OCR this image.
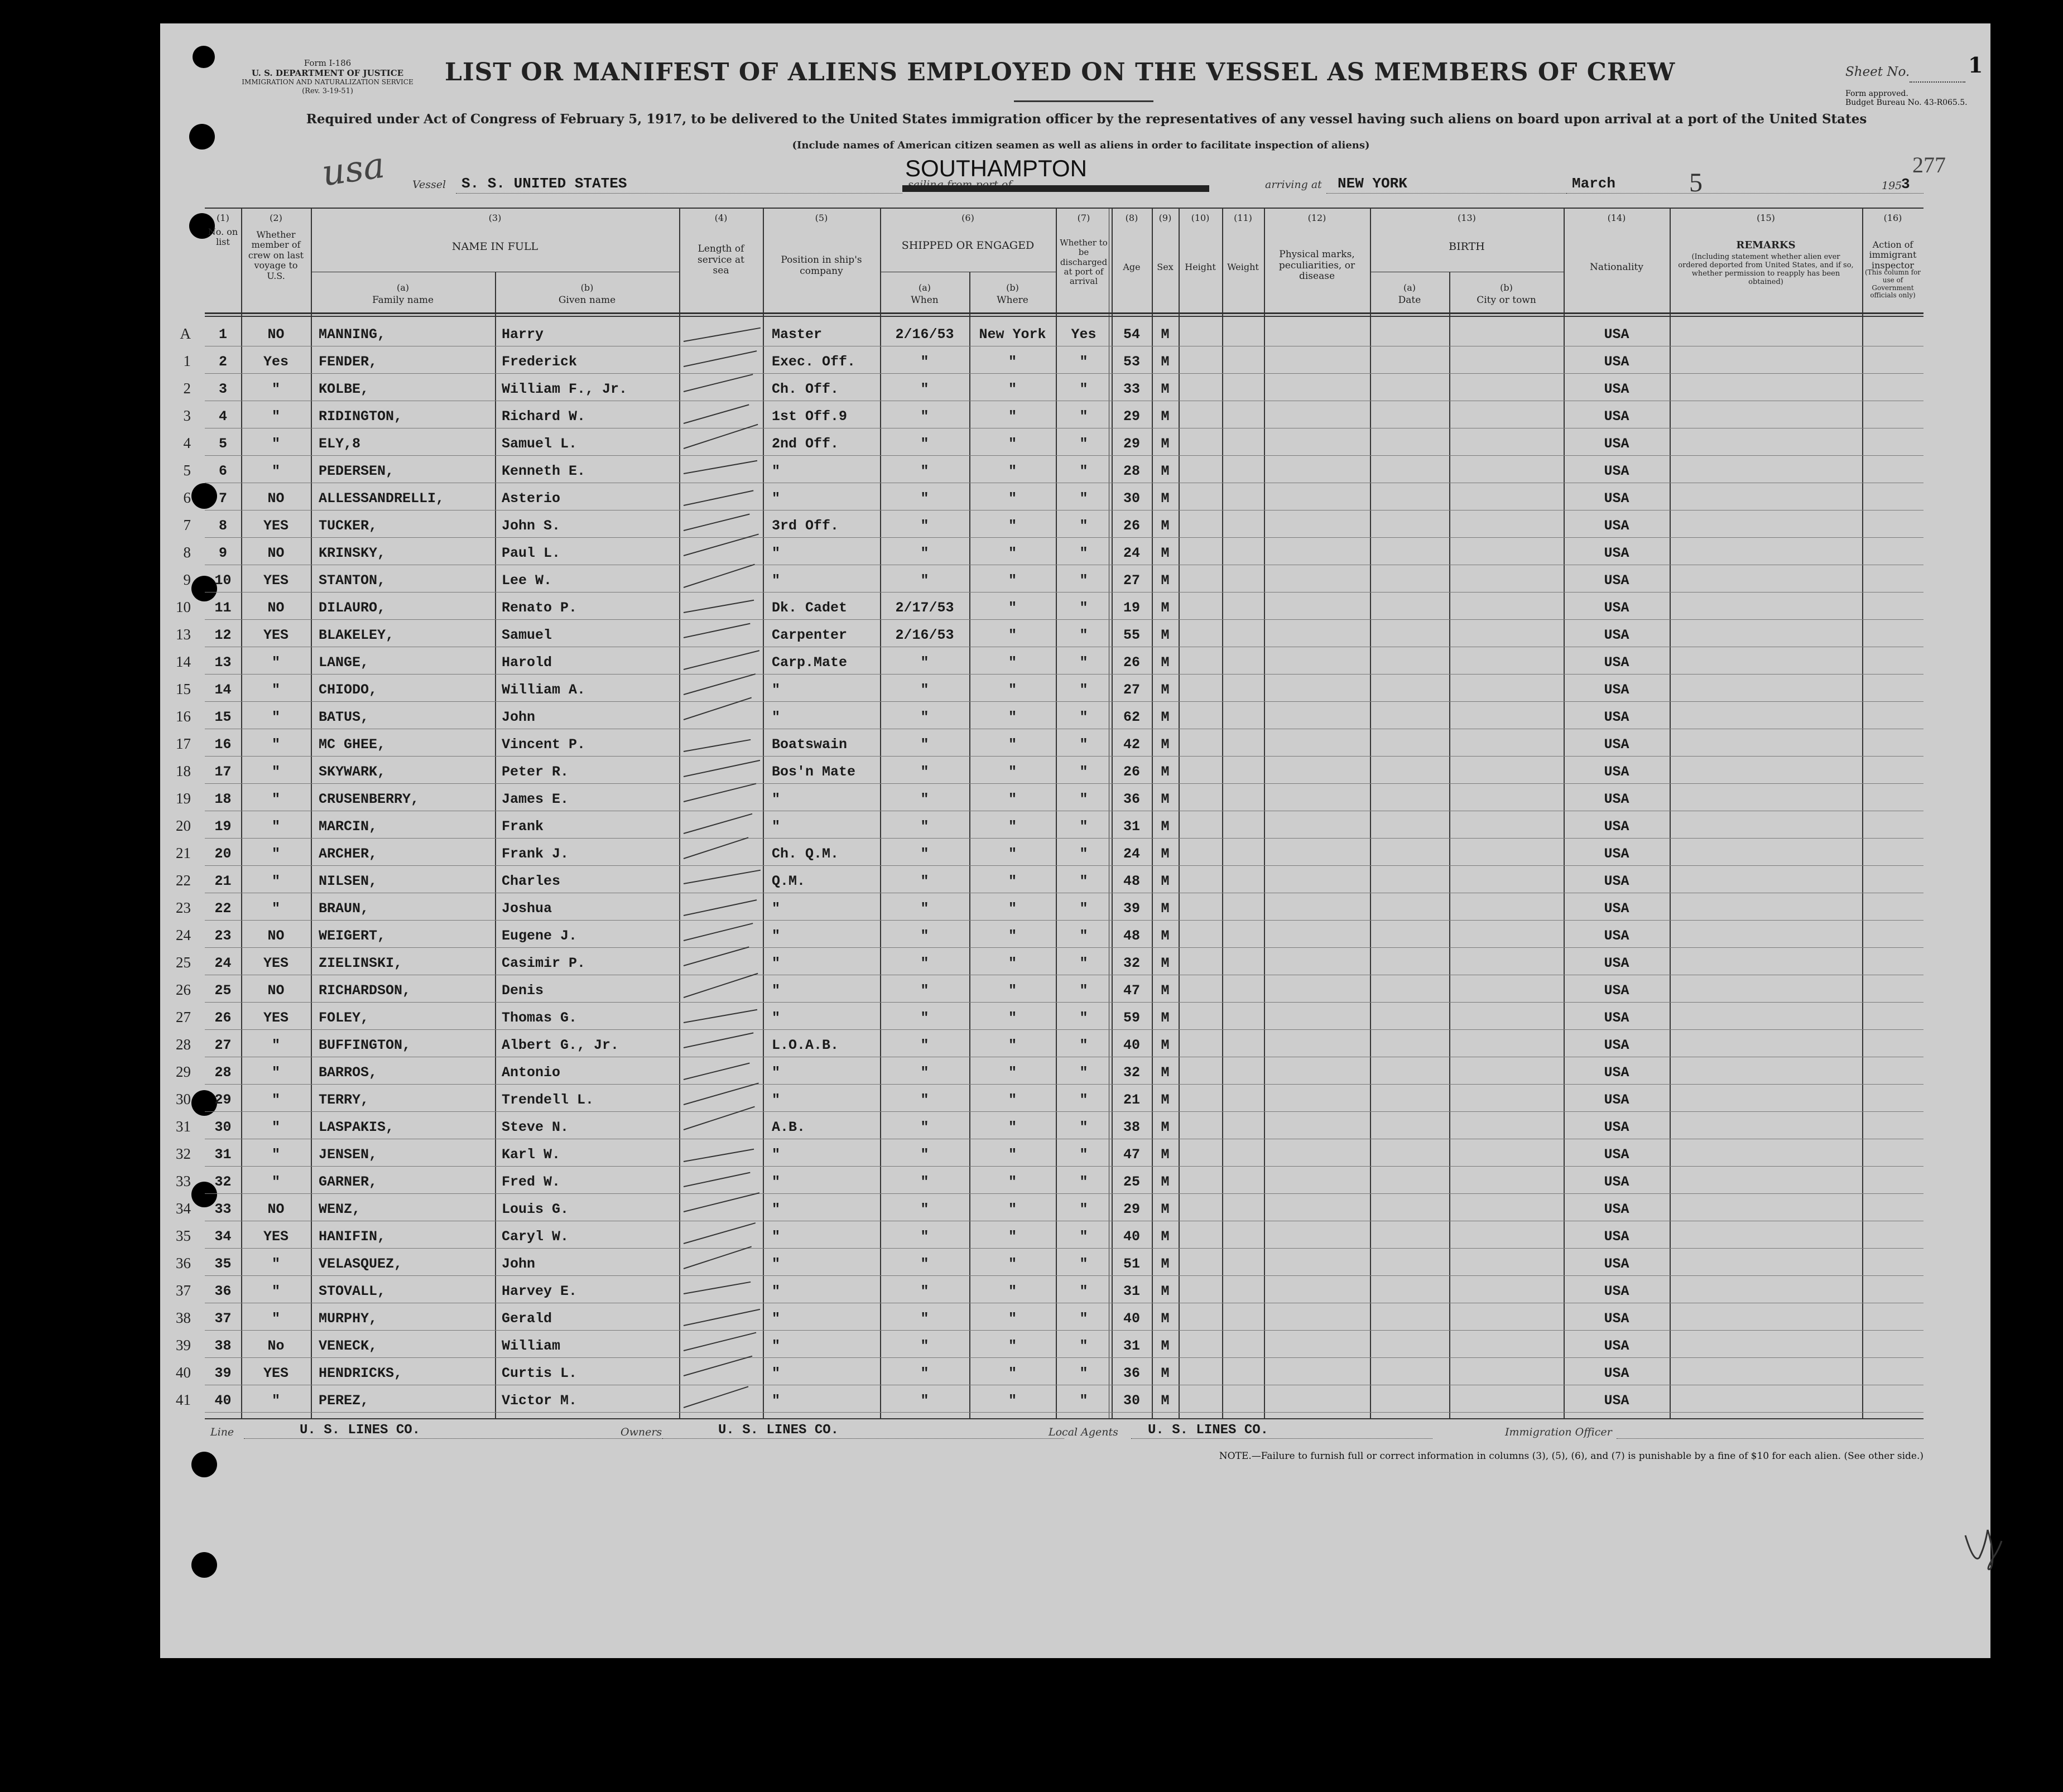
Form I-186
U. S. DEPARTMENT OF JUSTICE
IMMIGRATION AND NATURALIZATION SERVICE
(Rev. 3-19-51)
LIST OR MANIFEST OF ALIENS EMPLOYED ON THE VESSEL AS MEMBERS OF CREW
Required under Act of Congress of February 5, 1917, to be delivered to the United States immigration officer by the representatives of any vessel having such aliens on board upon arrival at a port of the United States
(Include names of American citizen seamen as well as aliens in order to facilitate inspection of aliens)
Sheet No.	1
Form approved.
Budget Bureau No. 43-R065.5.
277
usa Vessel S. S. UNITED STATES	sailing from port of
SOUTHAMPTON
arriving at NEW YORK	March	5	195
3
(1)	(2)	(3)	(4)	(5)	(6)	(7)	(8)	(9)	(10)	(11)	(12)	(13)	(14)	(15)	(16)
No. on list
Whether member of crew on last voyage to U.S.
NAME IN FULL
(a)
Family name
(b)
Given name
Length of service at sea
Position in ship's company
SHIPPED OR ENGAGED
(a)
When
(b)
Where
Whether to be discharged at port of arrival
Age	Sex	Height	Weight
Physical marks, peculiarities, or disease
BIRTH
(a)
Date
(b)
City or town
Nationality
REMARKS
(Including statement whether alien ever ordered deported from United States, and if so, whether permission to reapply has been obtained)
Action of immigrant inspector
(This column for use of Government officials only)
A	1	NO	MANNING,	Harry	Master	2/16/53	New York	Yes	54	M	USA
1	2	Yes	FENDER,	Frederick	Exec. Off.	"	"	"	53	M	USA
2	3	"	KOLBE,	William F., Jr.	Ch. Off.	"	"	"	33	M	USA
3	4	"	RIDINGTON,	Richard W.	1st Off.9	"	"	"	29	M	USA
4	5	"	ELY,8	Samuel L.	2nd Off.	"	"	"	29	M	USA
5	6	"	PEDERSEN,	Kenneth E.	"	"	"	"	28	M	USA
6	7	NO	ALLESSANDRELLI,	Asterio	"	"	"	"	30	M	USA
7	8	YES	TUCKER,	John S.	3rd Off.	"	"	"	26	M	USA
8	9	NO	KRINSKY,	Paul L.	"	"	"	"	24	M	USA
9	10	YES	STANTON,	Lee W.	"	"	"	"	27	M	USA
10	11	NO	DILAURO,	Renato P.	Dk. Cadet	2/17/53	"	"	19	M	USA
13	12	YES	BLAKELEY,	Samuel	Carpenter	2/16/53	"	"	55	M	USA
14	13	"	LANGE,	Harold	Carp.Mate	"	"	"	26	M	USA
15	14	"	CHIODO,	William A.	"	"	"	"	27	M	USA
16	15	"	BATUS,	John	"	"	"	"	62	M	USA
17	16	"	MC GHEE,	Vincent P.	Boatswain	"	"	"	42	M	USA
18	17	"	SKYWARK,	Peter R.	Bos'n Mate	"	"	"	26	M	USA
19	18	"	CRUSENBERRY,	James E.	"	"	"	"	36	M	USA
20	19	"	MARCIN,	Frank	"	"	"	"	31	M	USA
21	20	"	ARCHER,	Frank J.	Ch. Q.M.	"	"	"	24	M	USA
22	21	"	NILSEN,	Charles	Q.M.	"	"	"	48	M	USA
23	22	"	BRAUN,	Joshua	"	"	"	"	39	M	USA
24	23	NO	WEIGERT,	Eugene J.	"	"	"	"	48	M	USA
25	24	YES	ZIELINSKI,	Casimir P.	"	"	"	"	32	M	USA
26	25	NO	RICHARDSON,	Denis	"	"	"	"	47	M	USA
27	26	YES	FOLEY,	Thomas G.	"	"	"	"	59	M	USA
28	27	"	BUFFINGTON,	Albert G., Jr.	L.O.A.B.	"	"	"	40	M	USA
29	28	"	BARROS,	Antonio	"	"	"	"	32	M	USA
30	29	"	TERRY,	Trendell L.	"	"	"	"	21	M	USA
31	30	"	LASPAKIS,	Steve N.	A.B.	"	"	"	38	M	USA
32	31	"	JENSEN,	Karl W.	"	"	"	"	47	M	USA
33	32	"	GARNER,	Fred W.	"	"	"	"	25	M	USA
34	33	NO	WENZ,	Louis G.	"	"	"	"	29	M	USA
35	34	YES	HANIFIN,	Caryl W.	"	"	"	"	40	M	USA
36	35	"	VELASQUEZ,	John	"	"	"	"	51	M	USA
37	36	"	STOVALL,	Harvey E.	"	"	"	"	31	M	USA
38	37	"	MURPHY,	Gerald	"	"	"	"	40	M	USA
39	38	No	VENECK,	William	"	"	"	"	31	M	USA
40	39	YES	HENDRICKS,	Curtis L.	"	"	"	"	36	M	USA
41	40	"	PEREZ,	Victor M.	"	"	"	"	30	M	USA
Line	U. S. LINES CO.	Owners	U. S. LINES CO.	Local Agents U. S. LINES CO.	Immigration Officer
NOTE.—Failure to furnish full or correct information in columns (3), (5), (6), and (7) is punishable by a fine of $10 for each alien. (See other side.)
